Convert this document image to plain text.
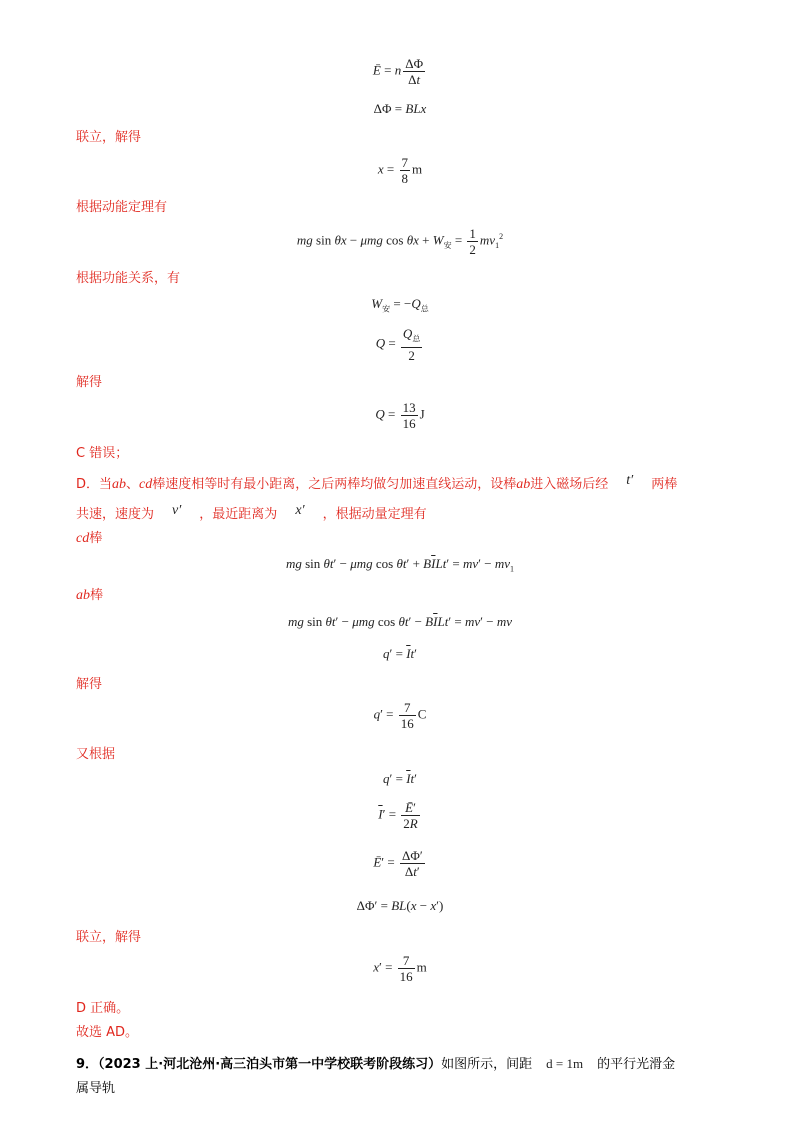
Ē = n $\frac{\Delta\Phi}{\Delta t}$
ΔΦ = BLx
联立，解得
$x = \frac{7}{8}$ m
根据动能定理有
mg sin θx − μmg $\cos \theta x + W_安 = \frac{1}{2} mv_1^2$
根据功能关系，有
$W_安 = -Q_总$
$Q = \frac{Q_总}{2}$
解得
$Q = \frac{13}{16}$ J
C 错误；
D．当ab、cd棒速度相等时有最小距离，之后两棒均做匀加速直线运动，设棒ab进入磁场后经 t′ 两棒
共速，速度为 v′ ，最近距离为 x′ ，根据动量定理有
cd棒
mg sin θt′ − μmg $\cos \theta t' + B\overline{I}Lt' = mv' - mv_1$
ab棒
mg sin θt′ − μmg $\cos \theta t' - B\overline{I}Lt' = mv'$ − mv
$q' = \overline{I}t'$
解得
$q' = \frac{7}{16}$ C
又根据
$q' = \overline{I}t'$
$\overline{I}' = \frac{Ē'}{2R}$
Ē′ = $\frac{\Delta\Phi'}{\Delta t'}$
ΔΦ′ = BL(x − x′)
联立，解得
$x' = \frac{7}{16}$ m
D 正确。
故选 AD。
9．（2023 上·河北沧州·高三泊头市第一中学校联考阶段练习）如图所示，间距 d = 1m 的平行光滑金
属导轨
